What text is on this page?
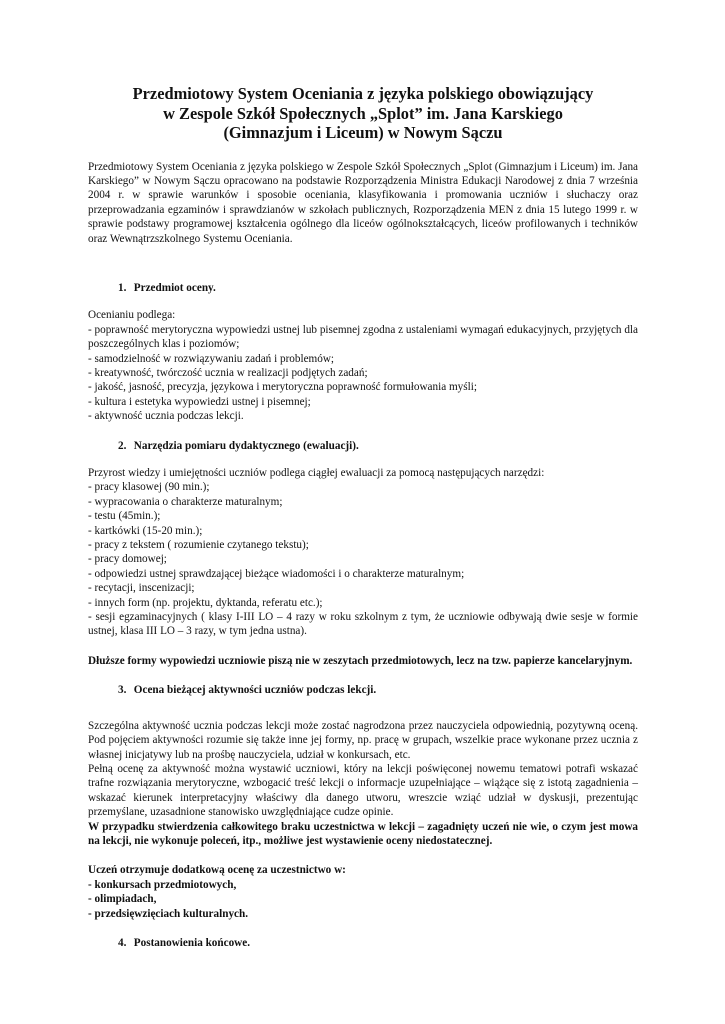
Przedmiotowy System Oceniania z języka polskiego obowiązujący
w Zespole Szkół Społecznych „Splot” im. Jana Karskiego
(Gimnazjum i Liceum) w Nowym Sączu

Przedmiotowy System Oceniania z języka polskiego w Zespole Szkół Społecznych „Splot (Gimnazjum i Liceum) im. Jana Karskiego” w Nowym Sączu opracowano na podstawie Rozporządzenia Ministra Edukacji Narodowej z dnia 7 września 2004 r. w sprawie warunków i sposobie oceniania, klasyfikowania i promowania uczniów i słuchaczy oraz przeprowadzania egzaminów i sprawdzianów w szkołach publicznych, Rozporządzenia MEN z dnia 15 lutego 1999 r. w sprawie podstawy programowej kształcenia ogólnego dla liceów ogólnokształcących, liceów profilowanych i techników oraz Wewnątrzszkolnego Systemu Oceniania.

1 . Przedmiot oceny.
Ocenianiu podlega:
- poprawność merytoryczna wypowiedzi ustnej lub pisemnej zgodna z ustaleniami wymagań edukacyjnych, przyjętych dla poszczególnych klas i poziomów;
- samodzielność w rozwiązywaniu zadań i problemów;
- kreatywność, twórczość ucznia w realizacji podjętych zadań;
- jakość, jasność, precyzja, językowa i merytoryczna poprawność formułowania myśli;
- kultura i estetyka wypowiedzi ustnej i pisemnej;
- aktywność ucznia podczas lekcji.
2 . Narzędzia pomiaru dydaktycznego (ewaluacji).
Przyrost wiedzy i umiejętności uczniów podlega ciągłej ewaluacji za pomocą następujących narzędzi:
- pracy klasowej (90 min.);
- wypracowania o charakterze maturalnym;
- testu (45min.);
- kartkówki (15-20 min.);
- pracy z tekstem ( rozumienie czytanego tekstu);
- pracy domowej;
- odpowiedzi ustnej sprawdzającej bieżące wiadomości i o charakterze maturalnym;
- recytacji, inscenizacji;
- innych form (np. projektu, dyktanda, referatu etc.);
- sesji egzaminacyjnych ( klasy I-III LO – 4 razy w roku szkolnym z tym, że uczniowie odbywają dwie sesje w formie ustnej, klasa III LO – 3 razy, w tym jedna ustna).

Dłuższe formy wypowiedzi uczniowie piszą nie w zeszytach przedmiotowych, lecz na tzw. papierze kancelaryjnym.

3 . Ocena bieżącej aktywności uczniów podczas lekcji.
Szczególna aktywność ucznia podczas lekcji może zostać nagrodzona przez nauczyciela odpowiednią, pozytywną oceną. Pod pojęciem aktywności rozumie się także inne jej formy, np. pracę w grupach, wszelkie prace wykonane przez ucznia z własnej inicjatywy lub na prośbę nauczyciela, udział w konkursach, etc.
Pełną ocenę za aktywność można wystawić uczniowi, który na lekcji poświęconej nowemu tematowi potrafi wskazać trafne rozwiązania merytoryczne, wzbogacić treść lekcji o informacje uzupełniające – wiążące się z istotą zagadnienia – wskazać kierunek interpretacyjny właściwy dla danego utworu, wreszcie wziąć udział w dyskusji, prezentując przemyślane, uzasadnione stanowisko uwzględniające cudze opinie.
W przypadku stwierdzenia całkowitego braku uczestnictwa w lekcji – zagadnięty uczeń nie wie, o czym jest mowa na lekcji, nie wykonuje poleceń, itp., możliwe jest wystawienie oceny niedostatecznej.
Uczeń otrzymuje dodatkową ocenę za uczestnictwo w:
- konkursach przedmiotowych,
- olimpiadach,
- przedsięwzięciach kulturalnych.
4 . Postanowienia końcowe.
